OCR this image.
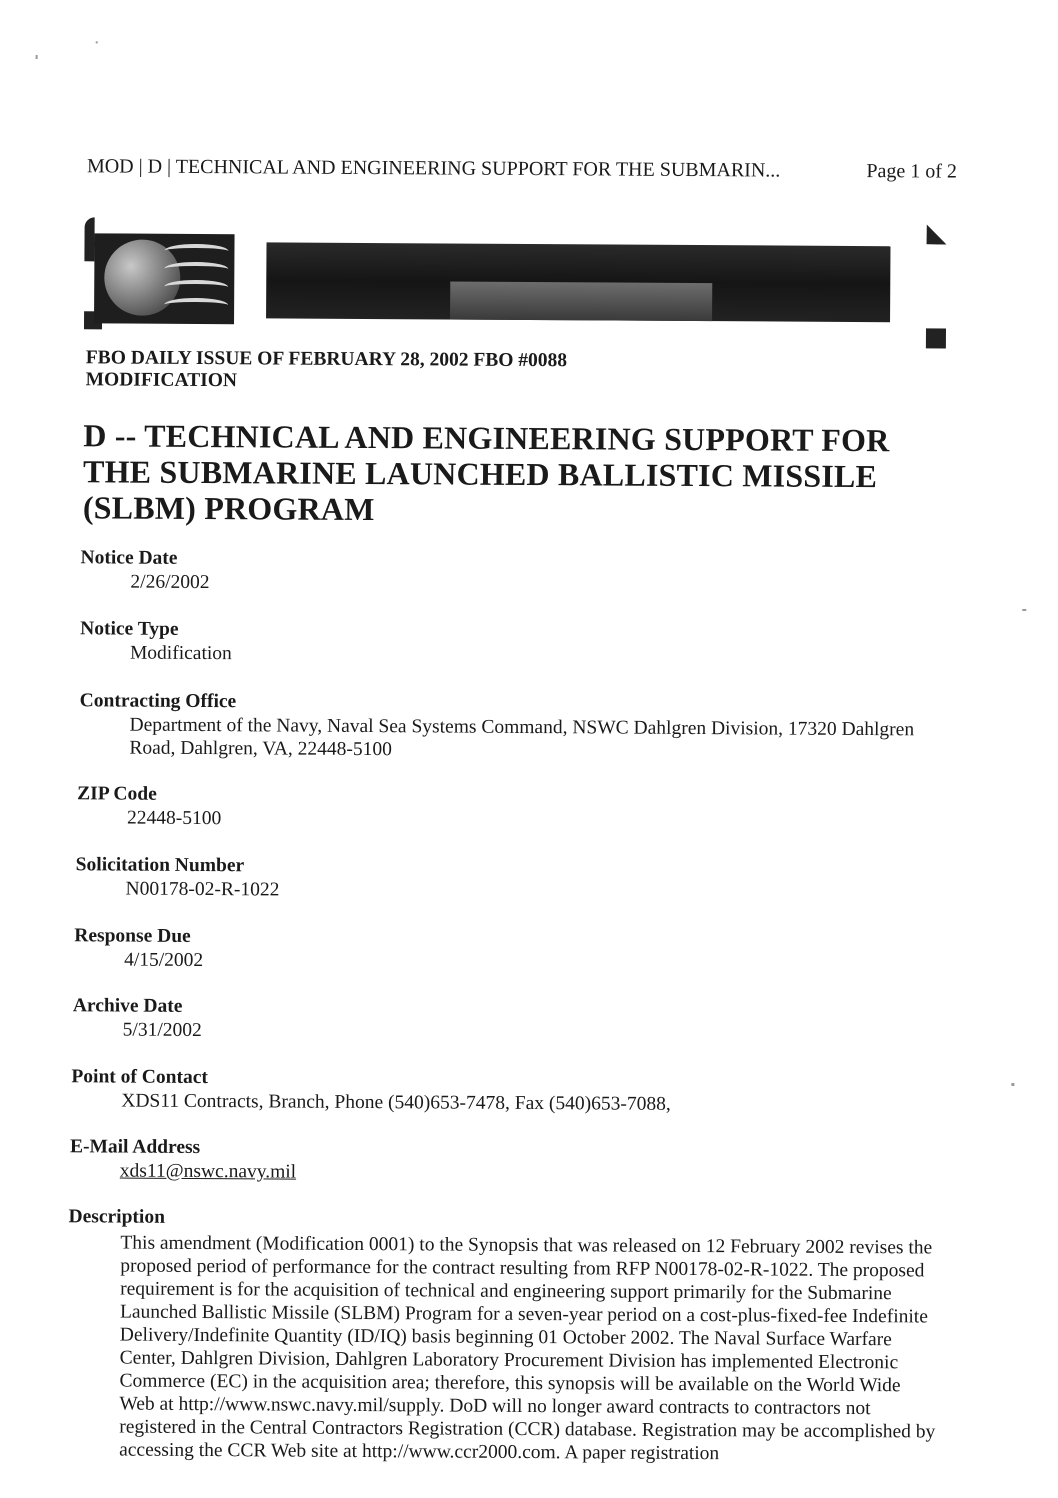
MOD | D | TECHNICAL AND ENGINEERING SUPPORT FOR THE SUBMARIN...	Page 1 of 2
FBO DAILY ISSUE OF FEBRUARY 28, 2002 FBO #0088
MODIFICATION
D -- TECHNICAL AND ENGINEERING SUPPORT FOR THE SUBMARINE LAUNCHED BALLISTIC MISSILE (SLBM) PROGRAM
Notice Date
2/26/2002
Notice Type
Modification
Contracting Office
Department of the Navy, Naval Sea Systems Command, NSWC Dahlgren Division, 17320 Dahlgren Road, Dahlgren, VA, 22448-5100
ZIP Code
22448-5100
Solicitation Number
N00178-02-R-1022
Response Due
4/15/2002
Archive Date
5/31/2002
Point of Contact
XDS11 Contracts, Branch, Phone (540)653-7478, Fax (540)653-7088,
E-Mail Address
xds11@nswc.navy.mil
Description
This amendment (Modification 0001) to the Synopsis that was released on 12 February 2002 revises the proposed period of performance for the contract resulting from RFP N00178-02-R-1022. The proposed requirement is for the acquisition of technical and engineering support primarily for the Submarine Launched Ballistic Missile (SLBM) Program for a seven-year period on a cost-plus-fixed-fee Indefinite Delivery/Indefinite Quantity (ID/IQ) basis beginning 01 October 2002. The Naval Surface Warfare Center, Dahlgren Division, Dahlgren Laboratory Procurement Division has implemented Electronic Commerce (EC) in the acquisition area; therefore, this synopsis will be available on the World Wide Web at http://www.nswc.navy.mil/supply. DoD will no longer award contracts to contractors not registered in the Central Contractors Registration (CCR) database. Registration may be accomplished by accessing the CCR Web site at http://www.ccr2000.com. A paper registration
